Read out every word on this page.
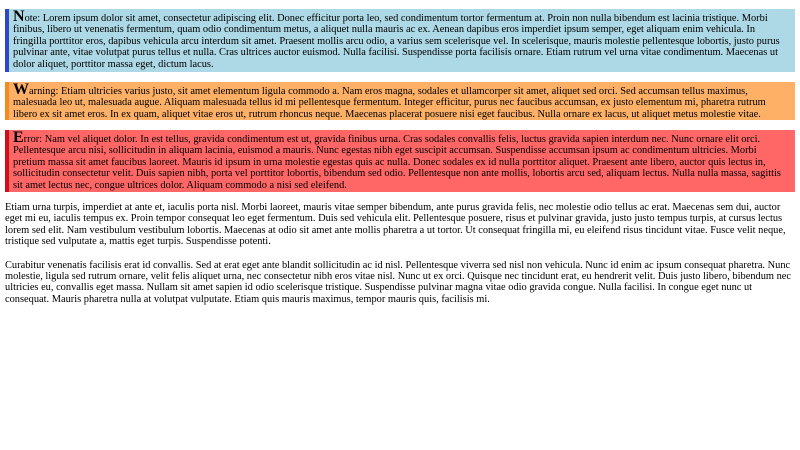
Note: Lorem ipsum dolor sit amet, consectetur adipiscing elit. Donec efficitur porta leo, sed condimentum tortor fermentum at. Proin non nulla bibendum est lacinia tristique. Morbi finibus, libero ut venenatis fermentum, quam odio condimentum metus, a aliquet nulla mauris ac ex. Aenean dapibus eros imperdiet ipsum semper, eget aliquam enim vehicula. In fringilla porttitor eros, dapibus vehicula arcu interdum sit amet. Praesent mollis arcu odio, a varius sem scelerisque vel. In scelerisque, mauris molestie pellentesque lobortis, justo purus pulvinar ante, vitae volutpat purus tellus et nulla. Cras ultrices auctor euismod. Nulla facilisi. Suspendisse porta facilisis ornare. Etiam rutrum vel urna vitae condimentum. Maecenas ut dolor aliquet, porttitor massa eget, dictum lacus.
Warning: Etiam ultricies varius justo, sit amet elementum ligula commodo a. Nam eros magna, sodales et ullamcorper sit amet, aliquet sed orci. Sed accumsan tellus maximus, malesuada leo ut, malesuada augue. Aliquam malesuada tellus id mi pellentesque fermentum. Integer efficitur, purus nec faucibus accumsan, ex justo elementum mi, pharetra rutrum libero ex sit amet eros. In ex quam, aliquet vitae eros ut, rutrum rhoncus neque. Maecenas placerat posuere nisi eget faucibus. Nulla ornare ex lacus, ut aliquet metus molestie vitae.
Error: Nam vel aliquet dolor. In est tellus, gravida condimentum est ut, gravida finibus urna. Cras sodales convallis felis, luctus gravida sapien interdum nec. Nunc ornare elit orci. Pellentesque arcu nisi, sollicitudin in aliquam lacinia, euismod a mauris. Nunc egestas nibh eget suscipit accumsan. Suspendisse accumsan ipsum ac condimentum ultricies. Morbi pretium massa sit amet faucibus laoreet. Mauris id ipsum in urna molestie egestas quis ac nulla. Donec sodales ex id nulla porttitor aliquet. Praesent ante libero, auctor quis lectus in, sollicitudin consectetur velit. Duis sapien nibh, porta vel porttitor lobortis, bibendum sed odio. Pellentesque non ante mollis, lobortis arcu sed, aliquam lectus. Nulla nulla massa, sagittis sit amet lectus nec, congue ultrices dolor. Aliquam commodo a nisi sed eleifend.

Etiam urna turpis, imperdiet at ante et, iaculis porta nisl. Morbi laoreet, mauris vitae semper bibendum, ante purus gravida felis, nec molestie odio tellus ac erat. Maecenas sem dui, auctor eget mi eu, iaculis tempus ex. Proin tempor consequat leo eget fermentum. Duis sed vehicula elit. Pellentesque posuere, risus et pulvinar gravida, justo justo tempus turpis, at cursus lectus lorem sed elit. Nam vestibulum vestibulum lobortis. Maecenas at odio sit amet ante mollis pharetra a ut tortor. Ut consequat fringilla mi, eu eleifend risus tincidunt vitae. Fusce velit neque, tristique sed vulputate a, mattis eget turpis. Suspendisse potenti.

Curabitur venenatis facilisis erat id convallis. Sed at erat eget ante blandit sollicitudin ac id nisl. Pellentesque viverra sed nisl non vehicula. Nunc id enim ac ipsum consequat pharetra. Nunc molestie, ligula sed rutrum ornare, velit felis aliquet urna, nec consectetur nibh eros vitae nisl. Nunc ut ex orci. Quisque nec tincidunt erat, eu hendrerit velit. Duis justo libero, bibendum nec ultricies eu, convallis eget massa. Nullam sit amet sapien id odio scelerisque tristique. Suspendisse pulvinar magna vitae odio gravida congue. Nulla facilisi. In congue eget nunc ut consequat. Mauris pharetra nulla at volutpat vulputate. Etiam quis mauris maximus, tempor mauris quis, facilisis mi.
